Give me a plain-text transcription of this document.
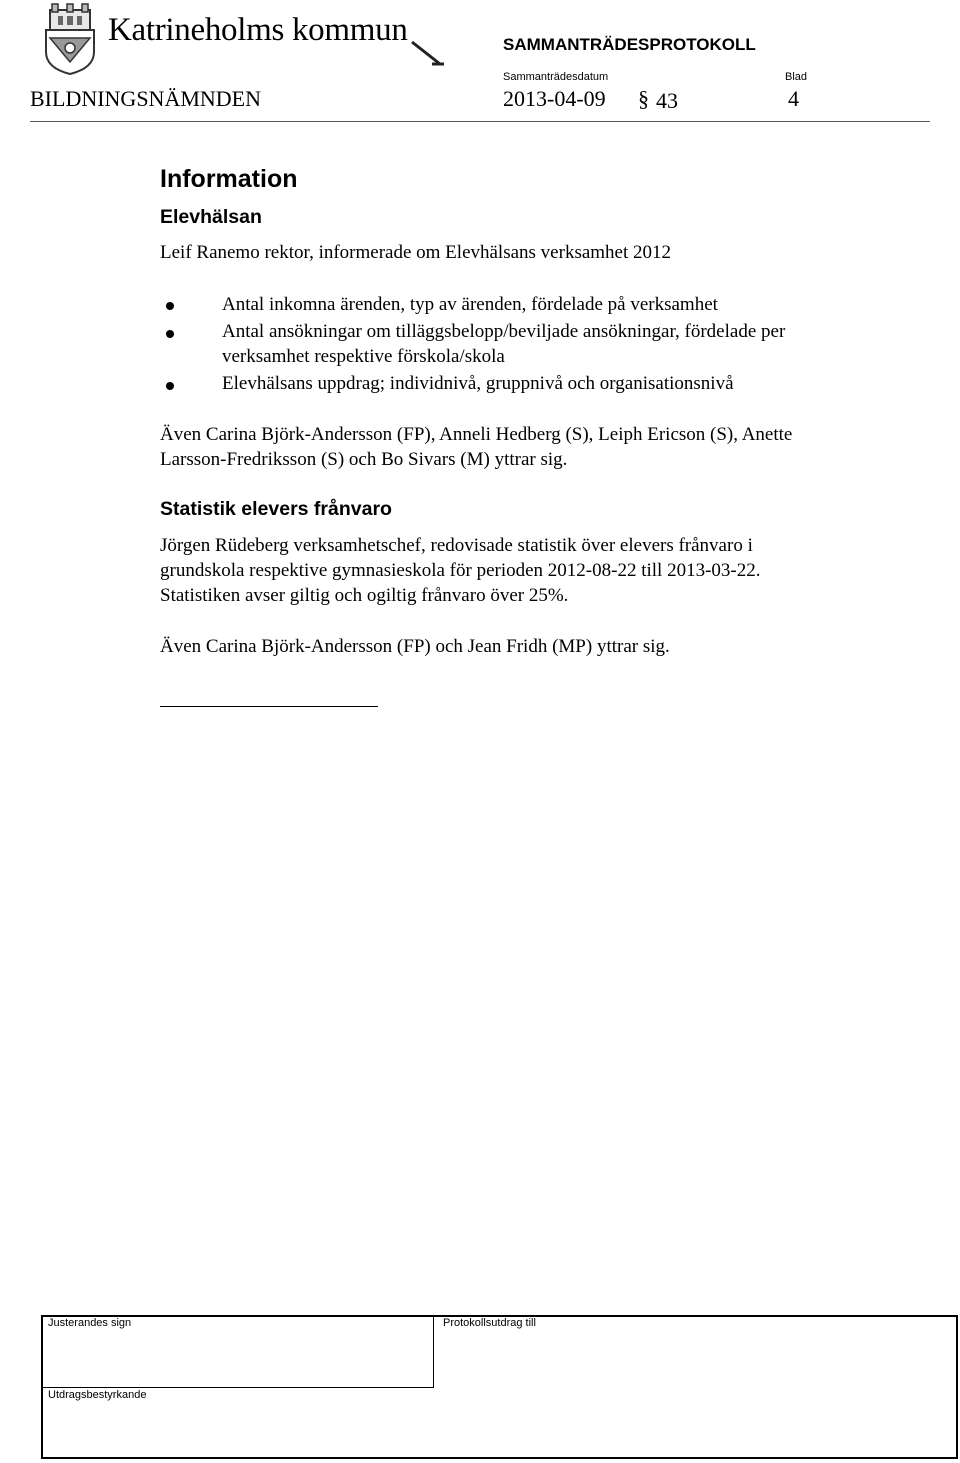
Katrineholms kommun	SAMMANTRÄDESPROTOKOLL
Sammanträdesdatum	Blad
BILDNINGSNÄMNDEN	2013-04-09 § 43	4
Information
Elevhälsan
Leif Ranemo rektor, informerade om Elevhälsans verksamhet 2012
Antal inkomna ärenden, typ av ärenden, fördelade på verksamhet
Antal ansökningar om tilläggsbelopp/beviljade ansökningar, fördelade per
verksamhet respektive förskola/skola
Elevhälsans uppdrag; individnivå, gruppnivå och organisationsnivå
Även Carina Björk-Andersson (FP), Anneli Hedberg (S), Leiph Ericson (S), Anette
Larsson-Fredriksson (S) och Bo Sivars (M) yttrar sig.
Statistik elevers frånvaro
Jörgen Rüdeberg verksamhetschef, redovisade statistik över elevers frånvaro i
grundskola respektive gymnasieskola för perioden 2012-08-22 till 2013-03-22.
Statistiken avser giltig och ogiltig frånvaro över 25%.
Även Carina Björk-Andersson (FP) och Jean Fridh (MP) yttrar sig.
Justerandes sign	Protokollsutdrag till
Utdragsbestyrkande
